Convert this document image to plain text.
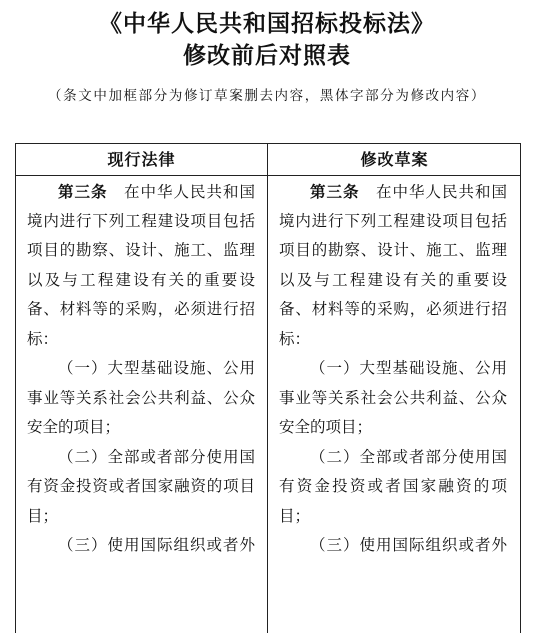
《中华人民共和国招标投标法》
修改前后对照表
（条文中加框部分为修订草案删去内容，黑体字部分为修改内容）
现行法律	修改草案
第三条　 在中华人民共和国
境内进行下列工程建设项目包括
项目的勘察、设计、施工、监理
以及与工程建设有关的重要设
备、材料等的采购，必须进行招
标：
（一）大型基础设施、公用
事业等关系社会公共利益、公众
安全的项目；
（二）全部或者部分使用国
有资金投资或者国家融资的项目
目；
（三）使用国际组织或者外
第三条　 在中华人民共和国
境内进行下列工程建设项目包括
项目的勘察、设计、施工、监理
以及与工程建设有关的重要设
备、材料等的采购，必须进行招
标：
（一）大型基础设施、公用
事业等关系社会公共利益、公众
安全的项目；
（二）全部或者部分使用国
有资金投资或者国家融资的项
目；
（三）使用国际组织或者外
